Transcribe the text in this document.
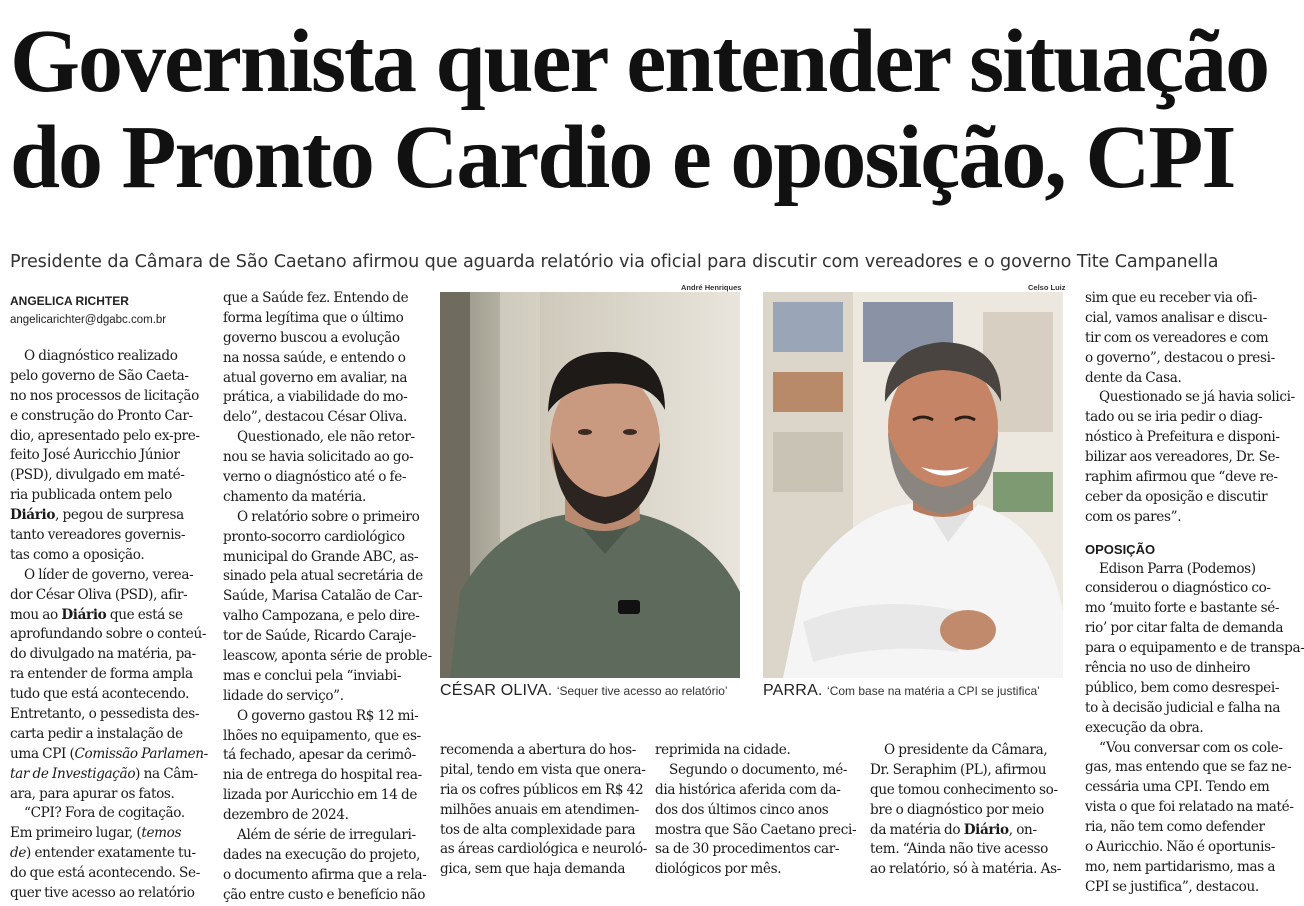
Governista quer entender situação
do Pronto Cardio e oposição, CPI
Presidente da Câmara de São Caetano afirmou que aguarda relatório via oficial para discutir com vereadores e o governo Tite Campanella
ANGELICA RICHTER
angelicarichter@dgabc.com.br
O diagnóstico realizado
pelo governo de São Caeta-
no nos processos de licitação
e construção do Pronto Car-
dio, apresentado pelo ex-pre-
feito José Auricchio Júnior
(PSD), divulgado em maté-
ria publicada ontem pelo
Diário, pegou de surpresa
tanto vereadores governis-
tas como a oposição.
O líder de governo, verea-
dor César Oliva (PSD), afir-
mou ao Diário que está se
aprofundando sobre o conteú-
do divulgado na matéria, pa-
ra entender de forma ampla
tudo que está acontecendo.
Entretanto, o pessedista des-
carta pedir a instalação de
uma CPI (Comissão Parlamen-
tar de Investigação) na Câm-
ara, para apurar os fatos.
“CPI? Fora de cogitação.
Em primeiro lugar, (temos
de) entender exatamente tu-
do que está acontecendo. Se-
quer tive acesso ao relatório
que a Saúde fez. Entendo de
forma legítima que o último
governo buscou a evolução
na nossa saúde, e entendo o
atual governo em avaliar, na
prática, a viabilidade do mo-
delo”, destacou César Oliva.
Questionado, ele não retor-
nou se havia solicitado ao go-
verno o diagnóstico até o fe-
chamento da matéria.
O relatório sobre o primeiro
pronto-socorro cardiológico
municipal do Grande ABC, as-
sinado pela atual secretária de
Saúde, Marisa Catalão de Car-
valho Campozana, e pelo dire-
tor de Saúde, Ricardo Caraje-
leascow, aponta série de proble-
mas e conclui pela “inviabi-
lidade do serviço”.
O governo gastou R$ 12 mi-
lhões no equipamento, que es-
tá fechado, apesar da cerimô-
nia de entrega do hospital rea-
lizada por Auricchio em 14 de
dezembro de 2024.
Além de série de irregulari-
dades na execução do projeto,
o documento afirma que a rela-
ção entre custo e benefício não
André Henriques
CÉSAR OLIVA. ‘Sequer tive acesso ao relatório’
Celso Luiz
PARRA. ‘Com base na matéria a CPI se justifica’
recomenda a abertura do hos-
pital, tendo em vista que onera-
ria os cofres públicos em R$ 42
milhões anuais em atendimen-
tos de alta complexidade para
as áreas cardiológica e neuroló-
gica, sem que haja demanda
reprimida na cidade.
Segundo o documento, mé-
dia histórica aferida com da-
dos dos últimos cinco anos
mostra que São Caetano preci-
sa de 30 procedimentos car-
diológicos por mês.
O presidente da Câmara,
Dr. Seraphim (PL), afirmou
que tomou conhecimento so-
bre o diagnóstico por meio
da matéria do Diário, on-
tem. “Ainda não tive acesso
ao relatório, só à matéria. As-
sim que eu receber via ofi-
cial, vamos analisar e discu-
tir com os vereadores e com
o governo”, destacou o presi-
dente da Casa.
Questionado se já havia solici-
tado ou se iria pedir o diag-
nóstico à Prefeitura e disponi-
bilizar aos vereadores, Dr. Se-
raphim afirmou que “deve re-
ceber da oposição e discutir
com os pares”.
OPOSIÇÃO
Edison Parra (Podemos)
considerou o diagnóstico co-
mo ‘muito forte e bastante sé-
rio’ por citar falta de demanda
para o equipamento e de transpa-
rência no uso de dinheiro
público, bem como desrespei-
to à decisão judicial e falha na
execução da obra.
“Vou conversar com os cole-
gas, mas entendo que se faz ne-
cessária uma CPI. Tendo em
vista o que foi relatado na maté-
ria, não tem como defender
o Auricchio. Não é oportunis-
mo, nem partidarismo, mas a
CPI se justifica”, destacou.
